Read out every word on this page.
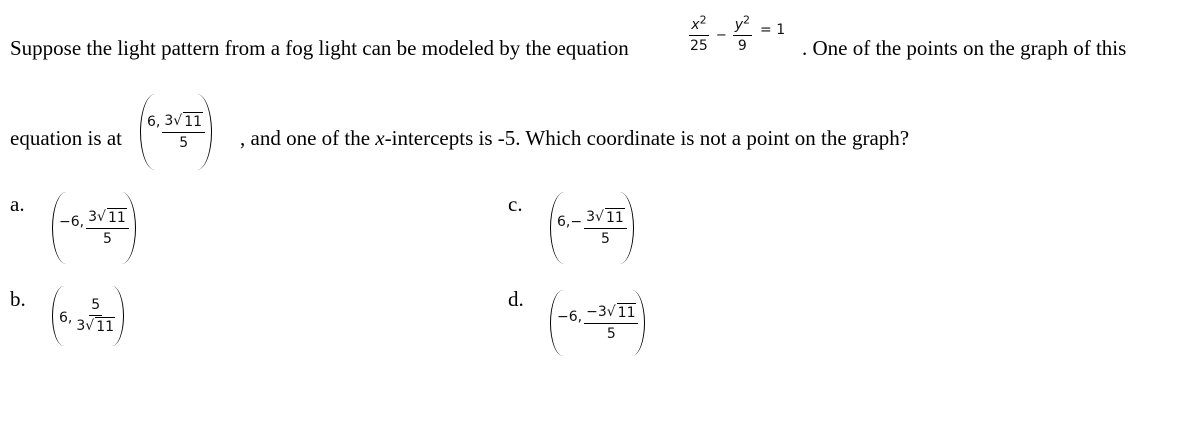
Suppose the light pattern from a fog light can be modeled by the equation	$\frac{x^2}{25} - \frac{y^2}{9} = 1$
. One of the points on the graph of this
equation is at
6, $\frac{3 √ 11}{5}$ , and one of the x-intercepts is -5. Which coordinate is not a point on the graph?
a.
−6, $\frac{3 √ 11}{5}$
b.
6, $\frac{5}{3 √ 11}$
c.
$6,- \frac{3 √ 11}{5}$
d.
−6, $\frac{-3 √ 11}{5}$
